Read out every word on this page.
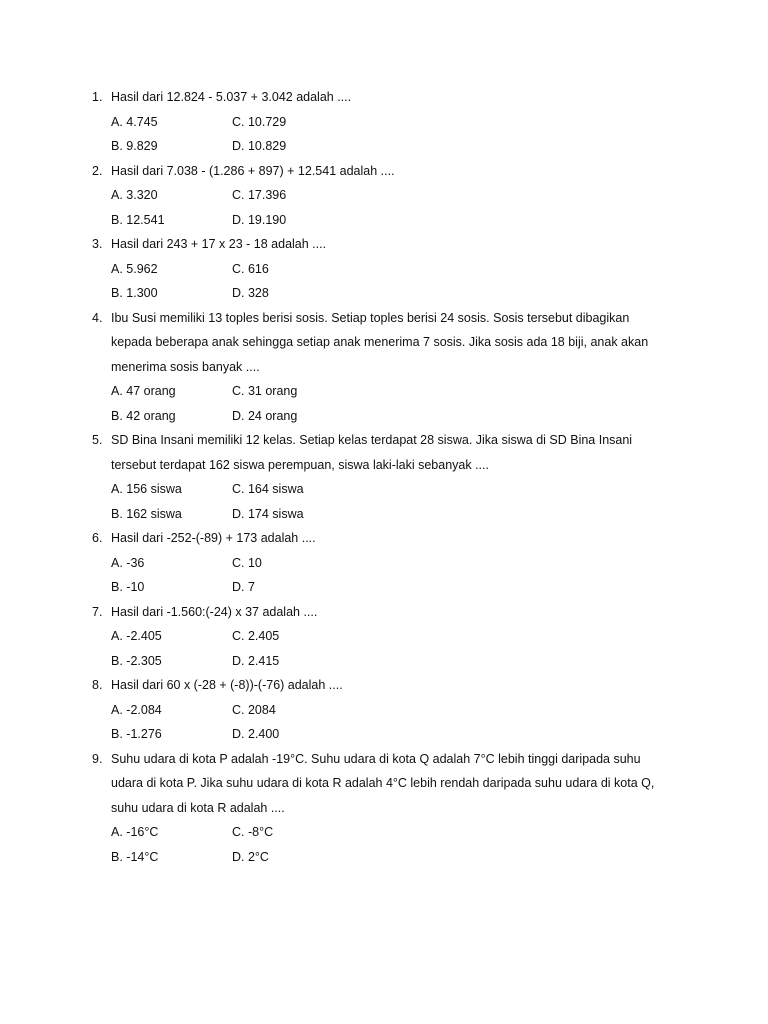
1. Hasil dari 12.824 - 5.037 + 3.042 adalah ....
A. 4.745	C. 10.729
B. 9.829	D. 10.829
2. Hasil dari 7.038 - (1.286 + 897) + 12.541 adalah ....
A. 3.320	C. 17.396
B. 12.541	D. 19.190
3. Hasil dari 243 + 17 x 23 - 18 adalah ....
A. 5.962	C. 616
B. 1.300	D. 328
4. Ibu Susi memiliki 13 toples berisi sosis. Setiap toples berisi 24 sosis. Sosis tersebut dibagikan
kepada beberapa anak sehingga setiap anak menerima 7 sosis. Jika sosis ada 18 biji, anak akan
menerima sosis banyak ....
A. 47 orang	C. 31 orang
B. 42 orang	D. 24 orang
5. SD Bina Insani memiliki 12 kelas. Setiap kelas terdapat 28 siswa. Jika siswa di SD Bina Insani
tersebut terdapat 162 siswa perempuan, siswa laki-laki sebanyak ....
A. 156 siswa	C. 164 siswa
B. 162 siswa	D. 174 siswa
6. Hasil dari -252-(-89) + 173 adalah ....
A. -36	C. 10
B. -10	D. 7
7. Hasil dari -1.560:(-24) x 37 adalah ....
A. -2.405	C. 2.405
B. -2.305	D. 2.415
8. Hasil dari 60 x (-28 + (-8))-(-76) adalah ....
A. -2.084	C. 2084
B. -1.276	D. 2.400
9. Suhu udara di kota P adalah -19°C. Suhu udara di kota Q adalah 7°C lebih tinggi daripada suhu
udara di kota P. Jika suhu udara di kota R adalah 4°C lebih rendah daripada suhu udara di kota Q,
suhu udara di kota R adalah ....
A. -16°C	C. -8°C
B. -14°C	D. 2°C
